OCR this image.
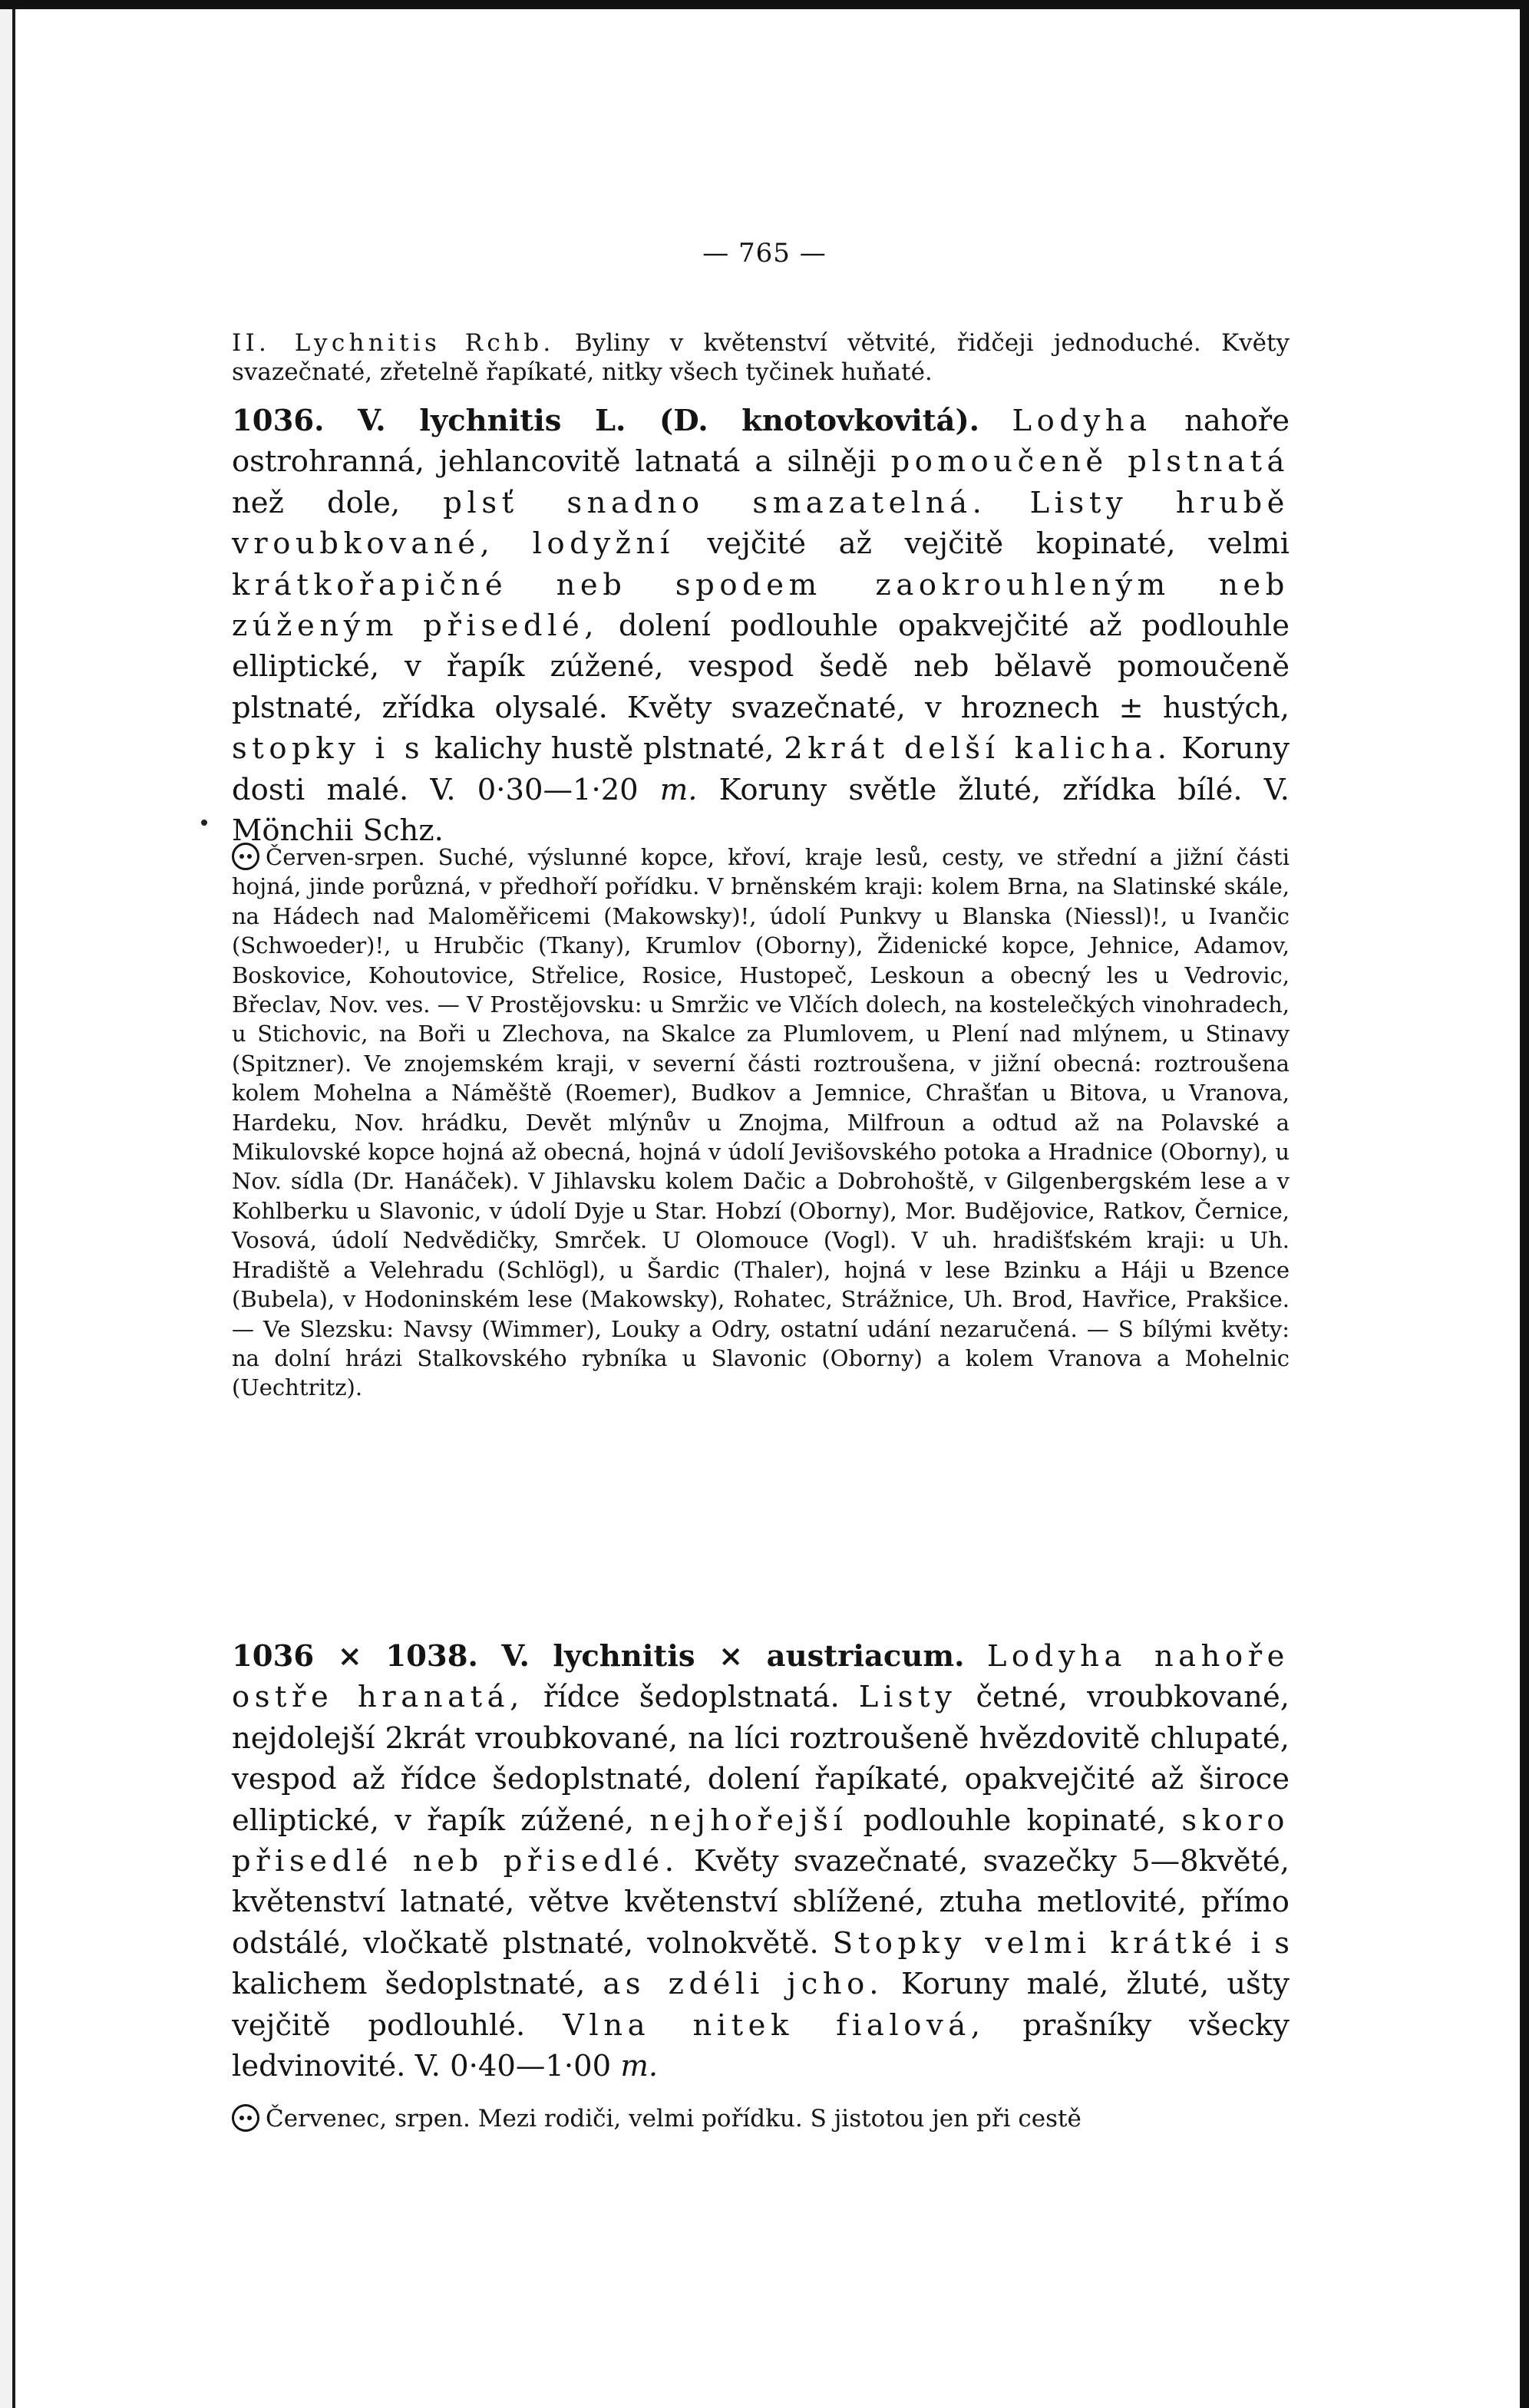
— 765 —

II. Lychnitis Rchb. Byliny v květenství větvité, řidčeji jednoduché. Květy svazečnaté, zřetelně řapíkaté, nitky všech tyčinek huňaté.

1036. V. lychnitis L. (D. knotovkovitá). Lodyha nahoře ostrohranná, jehlancovitě latnatá a silněji pomoučeně plstnatá než dole, plsť snadno smazatelná. Listy hrubě vroubkované, lodyžní vejčité až vejčitě kopinaté, velmi krátkořapičné neb spodem zaokrouhleným neb zúženým přisedlé, dolení podlouhle opakvejčité až podlouhle elliptické, v řapík zúžené, vespod šedě neb bělavě pomoučeně plstnaté, zřídka olysalé. Květy svazečnaté, v hroznech ± hustých, stopky i s kalichy hustě plstnaté, 2krát delší kalicha. Koruny dosti malé. V. 0·30—1·20 m. Koruny světle žluté, zřídka bílé. V. Mönchii Schz.

Červen-srpen. Suché, výslunné kopce, křoví, kraje lesů, cesty, ve střední a jižní části hojná, jinde porůzná, v předhoří pořídku. V brněnském kraji: kolem Brna, na Slatinské skále, na Hádech nad Maloměřicemi (Makowsky)!, údolí Punkvy u Blanska (Niessl)!, u Ivančic (Schwoeder)!, u Hrubčic (Tkany), Krumlov (Oborny), Židenické kopce, Jehnice, Adamov, Boskovice, Kohoutovice, Střelice, Rosice, Hustopeč, Leskoun a obecný les u Vedrovic, Břeclav, Nov. ves. — V Prostějovsku: u Smržic ve Vlčích dolech, na kostelečkých vinohradech, u Stichovic, na Boři u Zlechova, na Skalce za Plumlovem, u Plení nad mlýnem, u Stinavy (Spitzner). Ve znojemském kraji, v severní části roztroušena, v jižní obecná: roztroušena kolem Mohelna a Náměště (Roemer), Budkov a Jemnice, Chrašťan u Bitova, u Vranova, Hardeku, Nov. hrádku, Devět mlýnův u Znojma, Milfroun a odtud až na Polavské a Mikulovské kopce hojná až obecná, hojná v údolí Jevišovského potoka a Hradnice (Oborny), u Nov. sídla (Dr. Hanáček). V Jihlavsku kolem Dačic a Dobrohoště, v Gilgenbergském lese a v Kohlberku u Slavonic, v údolí Dyje u Star. Hobzí (Oborny), Mor. Budějovice, Ratkov, Černice, Vosová, údolí Nedvědičky, Smrček. U Olomouce (Vogl). V uh. hradišťském kraji: u Uh. Hradiště a Velehradu (Schlögl), u Šardic (Thaler), hojná v lese Bzinku a Háji u Bzence (Bubela), v Hodoninském lese (Makowsky), Rohatec, Strážnice, Uh. Brod, Havřice, Prakšice. — Ve Slezsku: Navsy (Wimmer), Louky a Odry, ostatní udání nezaručená. — S bílými květy: na dolní hrázi Stalkovského rybníka u Slavonic (Oborny) a kolem Vranova a Mohelnic (Uechtritz).

1036 × 1038. V. lychnitis × austriacum. Lodyha nahoře ostře hranatá, řídce šedoplstnatá. Listy četné, vroubkované, nejdolejší 2krát vroubkované, na líci roztroušeně hvězdovitě chlupaté, vespod až řídce šedoplstnaté, dolení řapíkaté, opakvejčité až široce elliptické, v řapík zúžené, nejhořejší podlouhle kopinaté, skoro přisedlé neb přisedlé. Květy svazečnaté, svazečky 5—8květé, květenství latnaté, větve květenství sblížené, ztuha metlovité, přímo odstálé, vločkatě plstnaté, volnokvětě. Stopky velmi krátké i s kalichem šedoplstnaté, as zdéli jcho. Koruny malé, žluté, ušty vejčitě podlouhlé. Vlna nitek fialová, prašníky všecky ledvinovité. V. 0·40—1·00 m.

Červenec, srpen. Mezi rodiči, velmi pořídku. S jistotou jen při cestě
